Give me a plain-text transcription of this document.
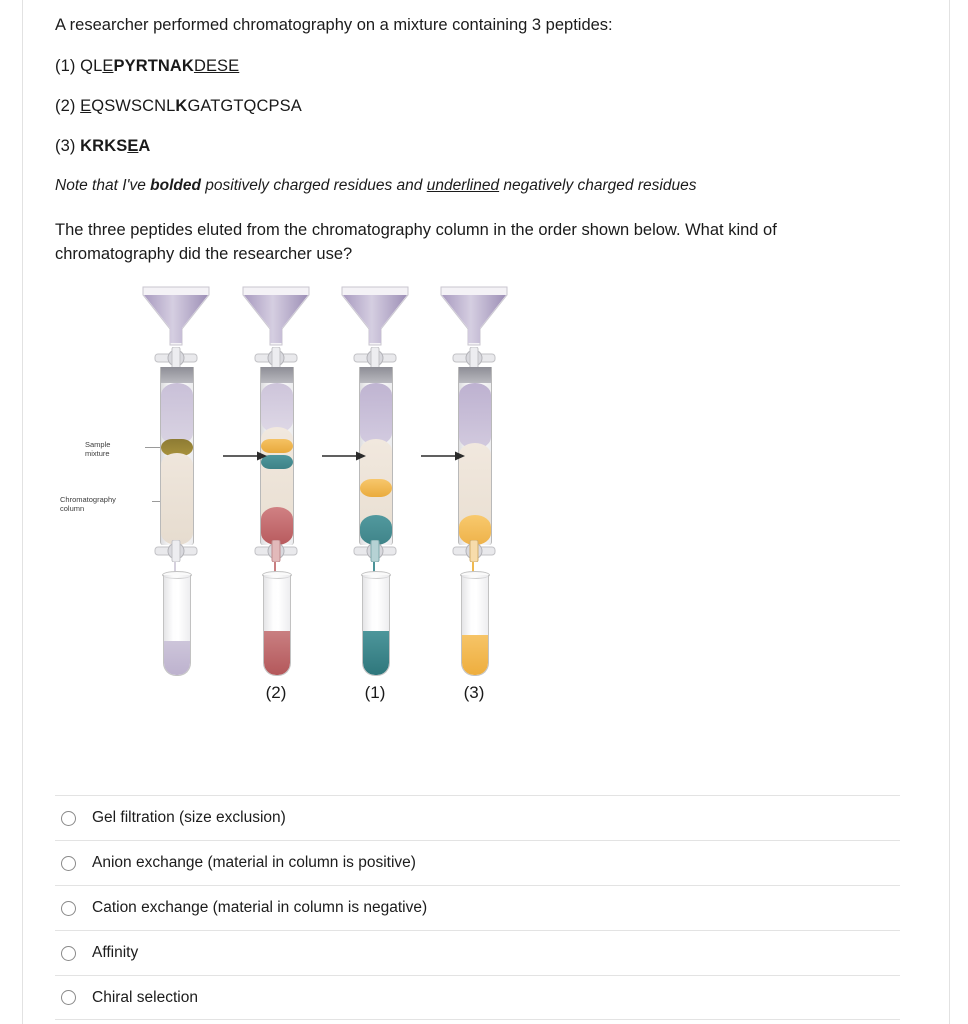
A researcher performed chromatography on a mixture containing 3 peptides:
(1) QLEPYRTNAKDESE
(2) EQSWSCNLKGATGTQCPSA
(3) KRKSEA
Note that I've bolded positively charged residues and underlined negatively charged residues
The three peptides eluted from the chromatography column in the order shown below. What kind of chromatography did the researcher use?
Sample
mixture
Chromatography
column
(2)	(1)	(3)
Gel filtration (size exclusion)
Anion exchange (material in column is positive)
Cation exchange (material in column is negative)
Affinity
Chiral selection
